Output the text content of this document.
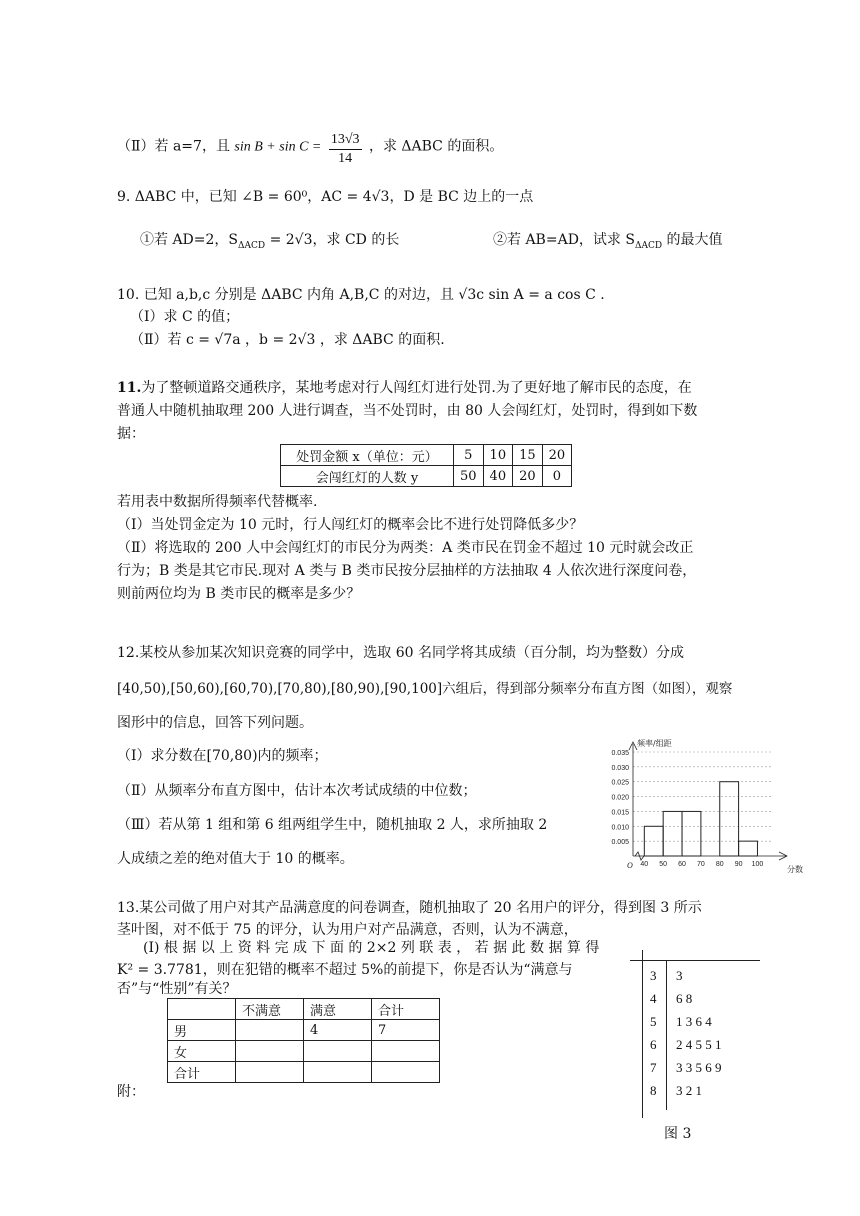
（Ⅱ）若 a=7，且 $\sin B + \sin C = \frac{13√3}{14}$ ，求 ΔABC 的面积。
9. ΔABC 中，已知 ∠B = 60⁰，AC = 4√3，D 是 BC 边上的一点
①若 AD=2，$S_{\Delta ACD} = 2√3$，求 CD 的长	②若 AB=AD，试求 $S_{\Delta ACD}$ 的最大值
10. 已知 a,b,c 分别是 ΔABC 内角 A,B,C 的对边，且 √3c sin A = a cos C .
（Ⅰ）求 C 的值；
（Ⅱ）若 c = √7a ，b = 2√3 ，求 ΔABC 的面积.
11.为了整顿道路交通秩序，某地考虑对行人闯红灯进行处罚.为了更好地了解市民的态度，在
普通人中随机抽取理 200 人进行调查，当不处罚时，由 80 人会闯红灯，处罚时，得到如下数
据：
处罚金额 x（单位：元）	5	10	15	20
会闯红灯的人数 y	50	40	20	0
若用表中数据所得频率代替概率.
（Ⅰ）当处罚金定为 10 元时，行人闯红灯的概率会比不进行处罚降低多少？
（Ⅱ）将选取的 200 人中会闯红灯的市民分为两类：A 类市民在罚金不超过 10 元时就会改正
行为；B 类是其它市民.现对 A 类与 B 类市民按分层抽样的方法抽取 4 人依次进行深度问卷，
则前两位均为 B 类市民的概率是多少？
12.某校从参加某次知识竞赛的同学中，选取 60 名同学将其成绩（百分制，均为整数）分成
[40,50),[50,60),[60,70),[70,80),[80,90),[90,100]六组后，得到部分频率分布直方图（如图），观察
图形中的信息，回答下列问题。
（Ⅰ）求分数在[70,80)内的频率；
（Ⅱ）从频率分布直方图中，估计本次考试成绩的中位数；
（Ⅲ）若从第 1 组和第 6 组两组学生中，随机抽取 2 人，求所抽取 2
人成绩之差的绝对值大于 10 的概率。
0.005
0.010
0.015
0.020
0.025
0.030
0.035
频率/组距
分数
O 40 50 60 70 80 90 100
13.某公司做了用户对其产品满意度的问卷调查，随机抽取了 20 名用户的评分，得到图 3 所示
茎叶图，对不低于 75 的评分，认为用户对产品满意，否则，认为不满意，
(Ⅰ) 根 据 以 上 资 料 完 成 下 面 的 2×2 列 联 表 ， 若 据 此 数 据 算 得
K² = 3.7781，则在犯错的概率不超过 5%的前提下，你是否认为“满意与
否”与“性别”有关？
	不满意	满意	合计
男		4	7
女			
合计			
附：
3 3
4 6 8
5 1 3 6 4
6 2 4 5 5 1
7 3 3 5 6 9
8 3 2 1
图 3
